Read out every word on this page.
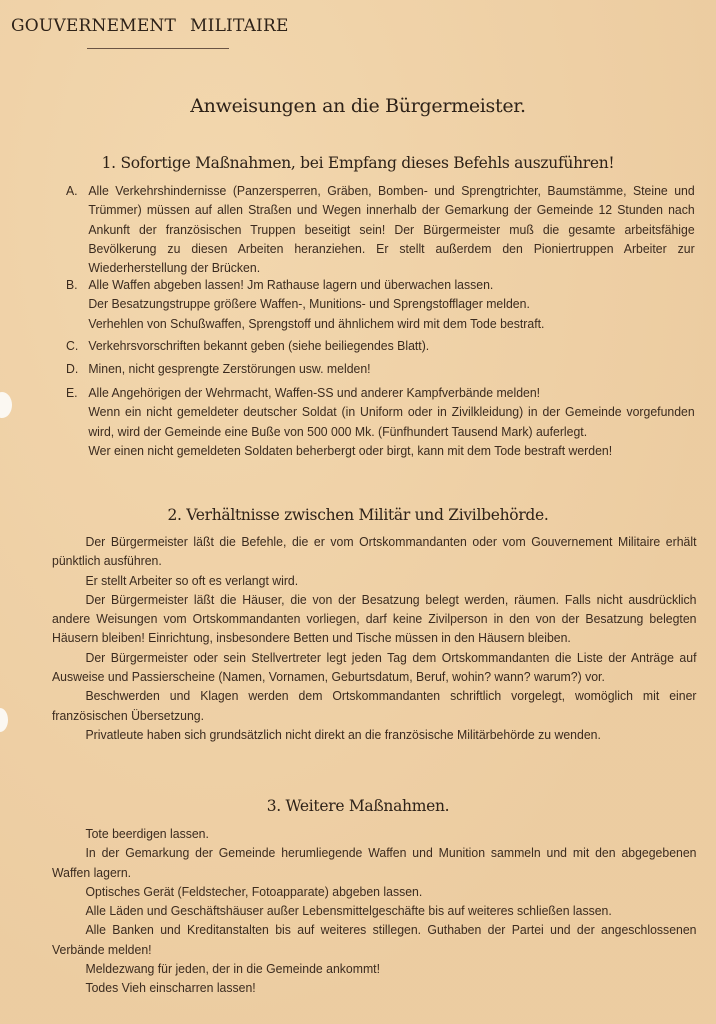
GOUVERNEMENT MILITAIRE
Anweisungen an die Bürgermeister.
1. Sofortige Maßnahmen, bei Empfang dieses Befehls auszuführen!
A. Alle Verkehrshindernisse (Panzersperren, Gräben, Bomben- und Sprengtrichter, Baumstämme, Steine und Trümmer) müssen auf allen Straßen und Wegen innerhalb der Gemarkung der Gemeinde 12 Stunden nach Ankunft der französischen Truppen beseitigt sein! Der Bürgermeister muß die gesamte arbeitsfähige Bevölkerung zu diesen Arbeiten heranziehen. Er stellt außerdem den Pioniertruppen Arbeiter zur Wiederherstellung der Brücken.

B. Alle Waffen abgeben lassen! Jm Rathause lagern und überwachen lassen.

Der Besatzungstruppe größere Waffen-, Munitions- und Sprengstofflager melden.

Verhehlen von Schußwaffen, Sprengstoff und ähnlichem wird mit dem Tode bestraft.

C. Verkehrsvorschriften bekannt geben (siehe beiliegendes Blatt).

D. Minen, nicht gesprengte Zerstörungen usw. melden!

E. Alle Angehörigen der Wehrmacht, Waffen-SS und anderer Kampfverbände melden!

Wenn ein nicht gemeldeter deutscher Soldat (in Uniform oder in Zivilkleidung) in der Gemeinde vorgefunden wird, wird der Gemeinde eine Buße von 500 000 Mk. (Fünfhundert Tausend Mark) auferlegt.

Wer einen nicht gemeldeten Soldaten beherbergt oder birgt, kann mit dem Tode bestraft werden!

2. Verhältnisse zwischen Militär und Zivilbehörde.

Der Bürgermeister läßt die Befehle, die er vom Ortskommandanten oder vom Gouvernement Militaire erhält pünktlich ausführen.

Er stellt Arbeiter so oft es verlangt wird.

Der Bürgermeister läßt die Häuser, die von der Besatzung belegt werden, räumen. Falls nicht ausdrücklich andere Weisungen vom Ortskommandanten vorliegen, darf keine Zivilperson in den von der Besatzung belegten Häusern bleiben! Einrichtung, insbesondere Betten und Tische müssen in den Häusern bleiben.

Der Bürgermeister oder sein Stellvertreter legt jeden Tag dem Ortskommandanten die Liste der Anträge auf Ausweise und Passierscheine (Namen, Vornamen, Geburtsdatum, Beruf, wohin? wann? warum?) vor.

Beschwerden und Klagen werden dem Ortskommandanten schriftlich vorgelegt, womöglich mit einer französischen Übersetzung.

Privatleute haben sich grundsätzlich nicht direkt an die französische Militärbehörde zu wenden.

3. Weitere Maßnahmen.

Tote beerdigen lassen.

In der Gemarkung der Gemeinde herumliegende Waffen und Munition sammeln und mit den abgegebenen Waffen lagern.

Optisches Gerät (Feldstecher, Fotoapparate) abgeben lassen.

Alle Läden und Geschäftshäuser außer Lebensmittelgeschäfte bis auf weiteres schließen lassen.

Alle Banken und Kreditanstalten bis auf weiteres stillegen. Guthaben der Partei und der angeschlossenen Verbände melden!

Meldezwang für jeden, der in die Gemeinde ankommt!

Todes Vieh einscharren lassen!
